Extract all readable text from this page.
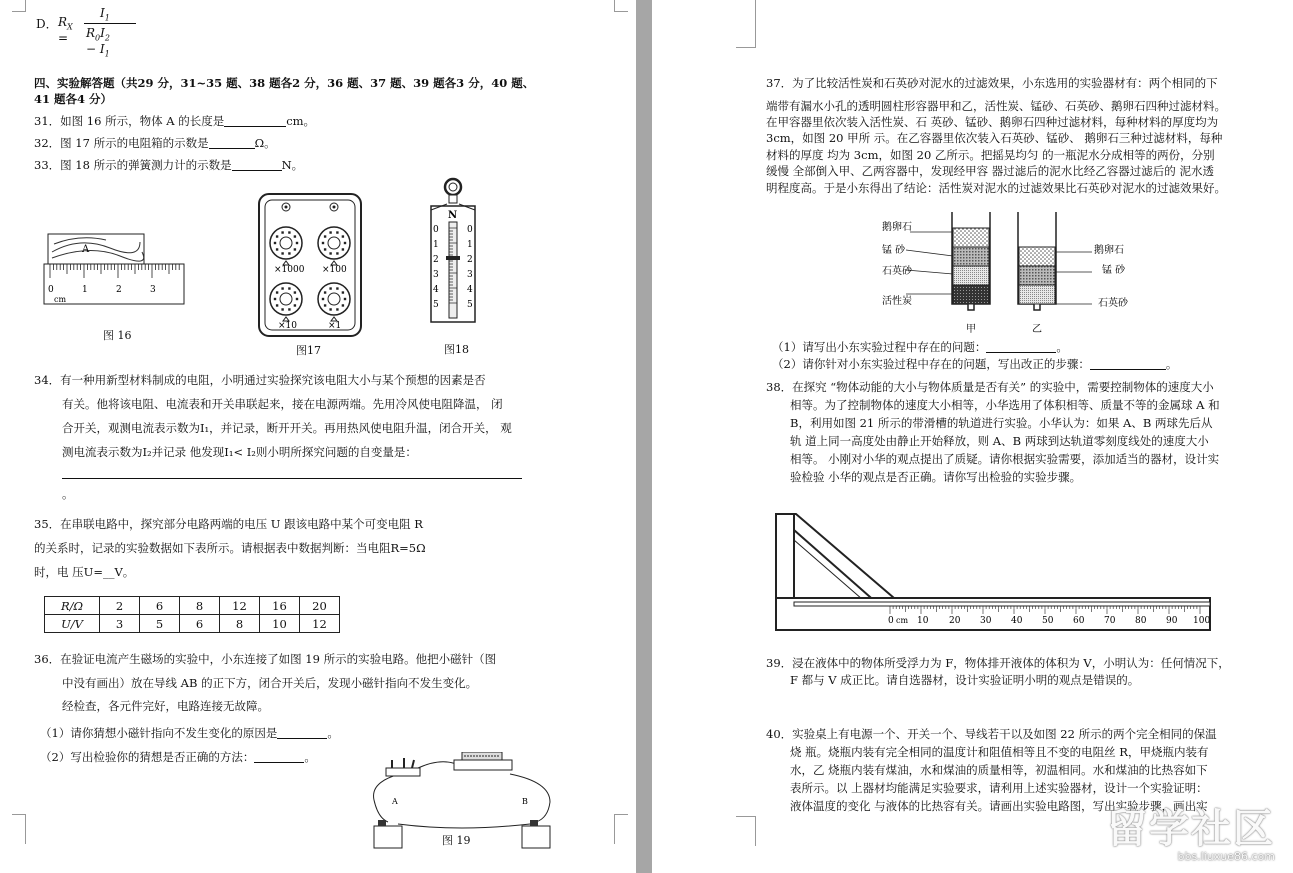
D． $R_X$ =
$I_1$
$R_0I_2 - I_1$
四、实验解答题（共29 分，31~35 题、38 题各2 分，36 题、37 题、39 题各3 分，40 题、
41 题各4 分）
31．如图 16 所示，物体 A 的长度是	cm。
32．图 17 所示的电阻箱的示数是	Ω。
33．图 18 所示的弹簧测力计的示数是	N。
A
0	1	2	3
cm
图 16
×1000 ×100
×10	×1
图17
N
0
1
2
3
4
5
0
1
2
3
4
5
图18
34．有一种用新型材料制成的电阻，小明通过实验探究该电阻大小与某个预想的因素是否
有关。他将该电阻、电流表和开关串联起来，接在电源两端。先用冷风使电阻降温， 闭
合开关，观测电流表示数为I₁，并记录，断开开关。再用热风使电阻升温，闭合开关， 观
测电流表示数为I₂并记录 他发现I₁< I₂则小明所探究问题的自变量是：
。
35．在串联电路中，探究部分电路两端的电压 U 跟该电路中某个可变电阻 R
的关系时，记录的实验数据如下表所示。请根据表中数据判断：当电阻R=5Ω
时，电 压U=__V。
R/Ω	2	6	8	12	16	20
U/V	3	5	6	8	10	12
36．在验证电流产生磁场的实验中，小东连接了如图 19 所示的实验电路。他把小磁针（图
中没有画出）放在导线 AB 的正下方，闭合开关后，发现小磁针指向不发生变化。
经检查，各元件完好，电路连接无故障。
（1）请你猜想小磁针指向不发生变化的原因是	。
（2）写出检验你的猜想是否正确的方法：	。
A	B
图 19
37．为了比较活性炭和石英砂对泥水的过滤效果，小东选用的实验器材有：两个相同的下
端带有漏水小孔的透明圆柱形容器甲和乙，活性炭、锰砂、石英砂、鹅卵石四种过滤材料。
在甲容器里依次装入活性炭、石 英砂、锰砂、鹅卵石四种过滤材料，每种材料的厚度均为
3cm，如图 20 甲所 示。在乙容器里依次装入石英砂、锰砂、 鹅卵石三种过滤材料，每种
材料的厚度 均为 3cm，如图 20 乙所示。把摇晃均匀 的一瓶泥水分成相等的两份，分别
缓慢 全部倒入甲、乙两容器中，发现经甲容 器过滤后的泥水比经乙容器过滤后的 泥水透
明程度高。于是小东得出了结论：活性炭对泥水的过滤效果比石英砂对泥水的过滤效果好。
鹅卵石
锰 砂
石英砂
活性炭
鹅卵石
锰 砂
石英砂
甲	乙
（1）请写出小东实验过程中存在的问题：	。
（2）请你针对小东实验过程中存在的问题，写出改正的步骤：	。
38．在探究 “物体动能的大小与物体质量是否有关” 的实验中，需要控制物体的速度大小
相等。为了控制物体的速度大小相等，小华选用了体积相等、质量不等的金属球 A 和
B，利用如图 21 所示的带滑槽的轨道进行实验。小华认为：如果 A、B 两球先后从
轨 道上同一高度处由静止开始释放，则 A、B 两球到达轨道零刻度线处的速度大小
相等。 小刚对小华的观点提出了质疑。请你根据实验需要，添加适当的器材，设计实
验检验 小华的观点是否正确。请你写出检验的实验步骤。
cm
0	10 20 30 40 50 60 70 80 90 100
39．浸在液体中的物体所受浮力为 F，物体排开液体的体积为 V，小明认为：任何情况下，
F 都与 V 成正比。请自选器材，设计实验证明小明的观点是错误的。
40．实验桌上有电源一个、开关一个、导线若干以及如图 22 所示的两个完全相同的保温
烧 瓶。烧瓶内装有完全相同的温度计和阻值相等且不变的电阻丝 R，甲烧瓶内装有
水，乙 烧瓶内装有煤油，水和煤油的质量相等，初温相同。水和煤油的比热容如下
表所示。以 上器材均能满足实验要求，请利用上述实验器材，设计一个实验证明：
液体温度的变化 与液体的比热容有关。请画出实验电路图，写出实验步骤，画出实
留学社区
bbs.liuxue86.com
